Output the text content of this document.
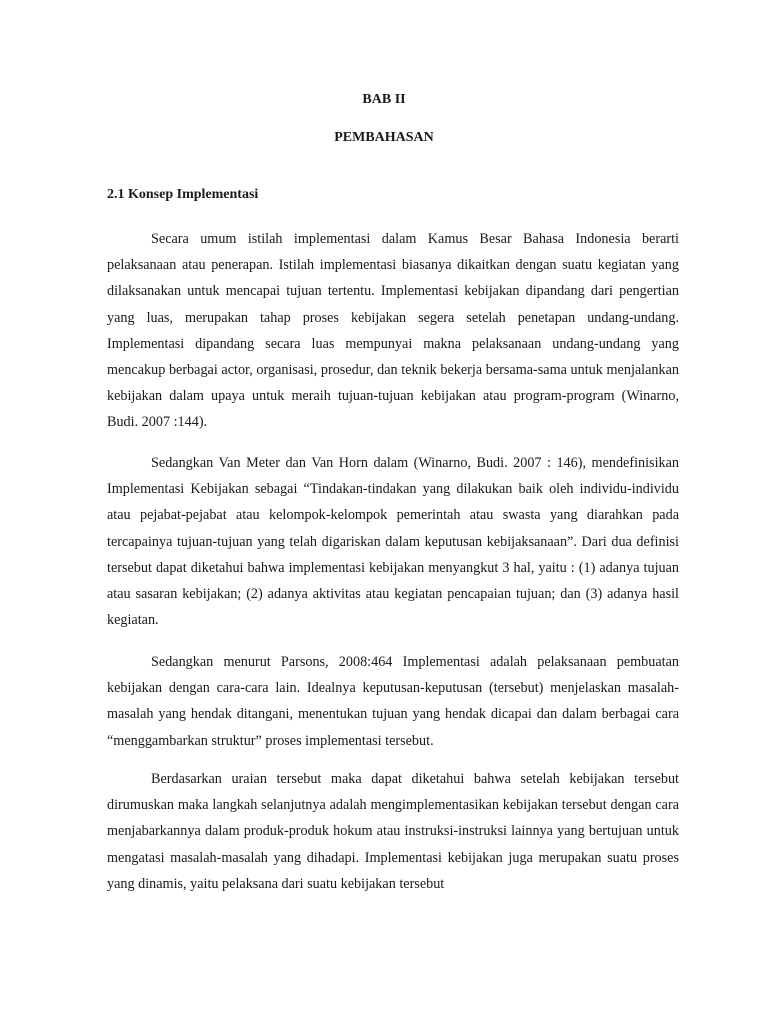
BAB II
PEMBAHASAN
2.1 Konsep Implementasi

Secara umum istilah implementasi dalam Kamus Besar Bahasa Indonesia berarti pelaksanaan atau penerapan. Istilah implementasi biasanya dikaitkan dengan suatu kegiatan yang dilaksanakan untuk mencapai tujuan tertentu. Implementasi kebijakan dipandang dari pengertian yang luas, merupakan tahap proses kebijakan segera setelah penetapan undang-undang. Implementasi dipandang secara luas mempunyai makna pelaksanaan undang-undang yang mencakup berbagai actor, organisasi, prosedur, dan teknik bekerja bersama-sama untuk menjalankan kebijakan dalam upaya untuk meraih tujuan-tujuan kebijakan atau program-program (Winarno, Budi. 2007 :144).

Sedangkan Van Meter dan Van Horn dalam (Winarno, Budi. 2007 : 146), mendefinisikan Implementasi Kebijakan sebagai “Tindakan-tindakan yang dilakukan baik oleh individu-individu atau pejabat-pejabat atau kelompok-kelompok pemerintah atau swasta yang diarahkan pada tercapainya tujuan-tujuan yang telah digariskan dalam keputusan kebijaksanaan”. Dari dua definisi tersebut dapat diketahui bahwa implementasi kebijakan menyangkut 3 hal, yaitu : (1) adanya tujuan atau sasaran kebijakan; (2) adanya aktivitas atau kegiatan pencapaian tujuan; dan (3) adanya hasil kegiatan.

Sedangkan menurut Parsons, 2008:464 Implementasi adalah pelaksanaan pembuatan kebijakan dengan cara-cara lain. Idealnya keputusan-keputusan (tersebut) menjelaskan masalah-masalah yang hendak ditangani, menentukan tujuan yang hendak dicapai dan dalam berbagai cara “menggambarkan struktur” proses implementasi tersebut.

Berdasarkan uraian tersebut maka dapat diketahui bahwa setelah kebijakan tersebut dirumuskan maka langkah selanjutnya adalah mengimplementasikan kebijakan tersebut dengan cara menjabarkannya dalam produk-produk hokum atau instruksi-instruksi lainnya yang bertujuan untuk mengatasi masalah-masalah yang dihadapi. Implementasi kebijakan juga merupakan suatu proses yang dinamis, yaitu pelaksana dari suatu kebijakan tersebut
